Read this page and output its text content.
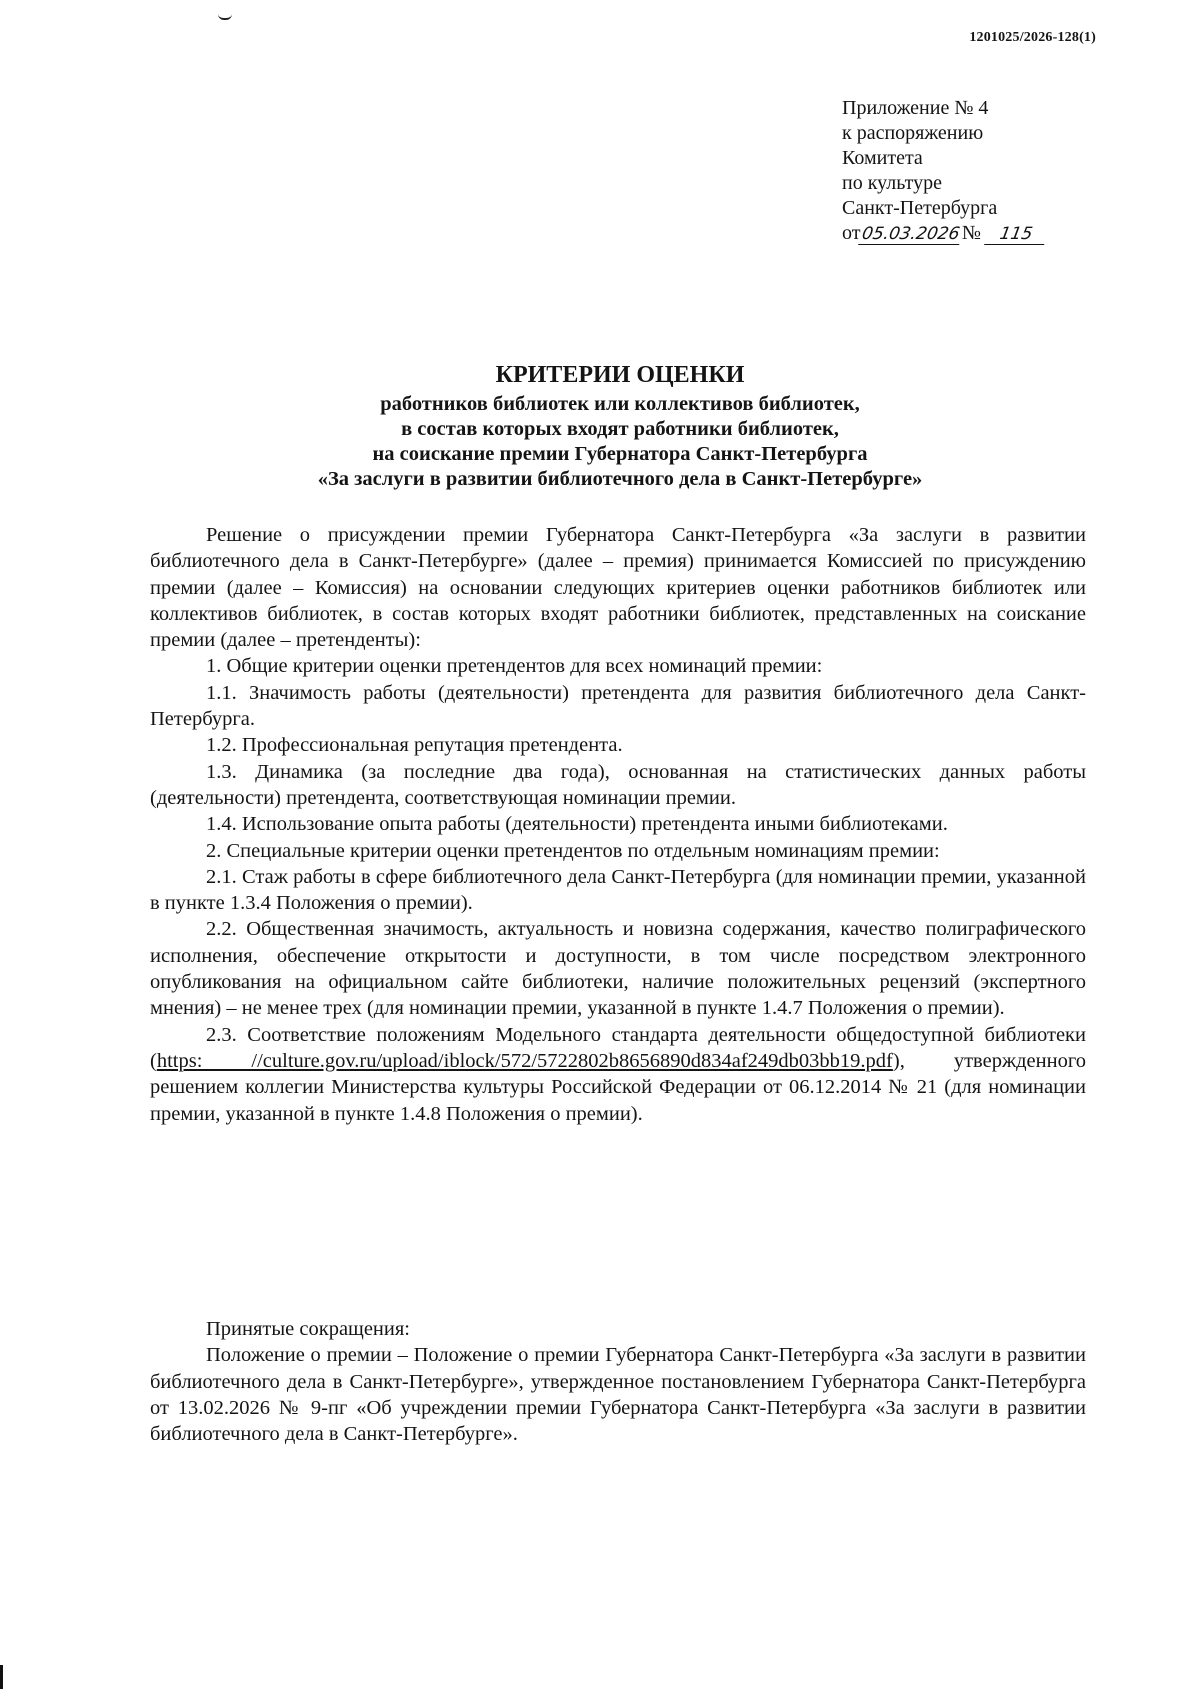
1201025/2026-128(1)
Приложение № 4
к распоряжению
Комитета
по культуре
Санкт-Петербурга
от05.03.2026№ 115
КРИТЕРИИ ОЦЕНКИ
работников библиотек или коллективов библиотек,
в состав которых входят работники библиотек,
на соискание премии Губернатора Санкт-Петербурга
«За заслуги в развитии библиотечного дела в Санкт-Петербурге»

Решение о присуждении премии Губернатора Санкт-Петербурга «За заслуги в развитии библиотечного дела в Санкт-Петербурге» (далее – премия) принимается Комиссией по присуждению премии (далее – Комиссия) на основании следующих критериев оценки работников библиотек или коллективов библиотек, в состав которых входят работники библиотек, представленных на соискание премии (далее – претенденты):

1. Общие критерии оценки претендентов для всех номинаций премии:

1.1. Значимость работы (деятельности) претендента для развития библиотечного дела Санкт-Петербурга.

1.2. Профессиональная репутация претендента.

1.3. Динамика (за последние два года), основанная на статистических данных работы (деятельности) претендента, соответствующая номинации премии.

1.4. Использование опыта работы (деятельности) претендента иными библиотеками.

2. Специальные критерии оценки претендентов по отдельным номинациям премии:

2.1. Стаж работы в сфере библиотечного дела Санкт-Петербурга (для номинации премии, указанной в пункте 1.3.4 Положения о премии).

2.2. Общественная значимость, актуальность и новизна содержания, качество полиграфического исполнения, обеспечение открытости и доступности, в том числе посредством электронного опубликования на официальном сайте библиотеки, наличие положительных рецензий (экспертного мнения) – не менее трех (для номинации премии, указанной в пункте 1.4.7 Положения о премии).

2.3. Соответствие положениям Модельного стандарта деятельности общедоступной библиотеки (https: //culture.gov.ru/upload/iblock/572/5722802b8656890d834af249db03bb19.pdf), утвержденного решением коллегии Министерства культуры Российской Федерации от 06.12.2014 № 21 (для номинации премии, указанной в пункте 1.4.8 Положения о премии).

Принятые сокращения:

Положение о премии – Положение о премии Губернатора Санкт-Петербурга «За заслуги в развитии библиотечного дела в Санкт-Петербурге», утвержденное постановлением Губернатора Санкт-Петербурга от 13.02.2026 № 9-пг «Об учреждении премии Губернатора Санкт-Петербурга «За заслуги в развитии библиотечного дела в Санкт-Петербурге».
